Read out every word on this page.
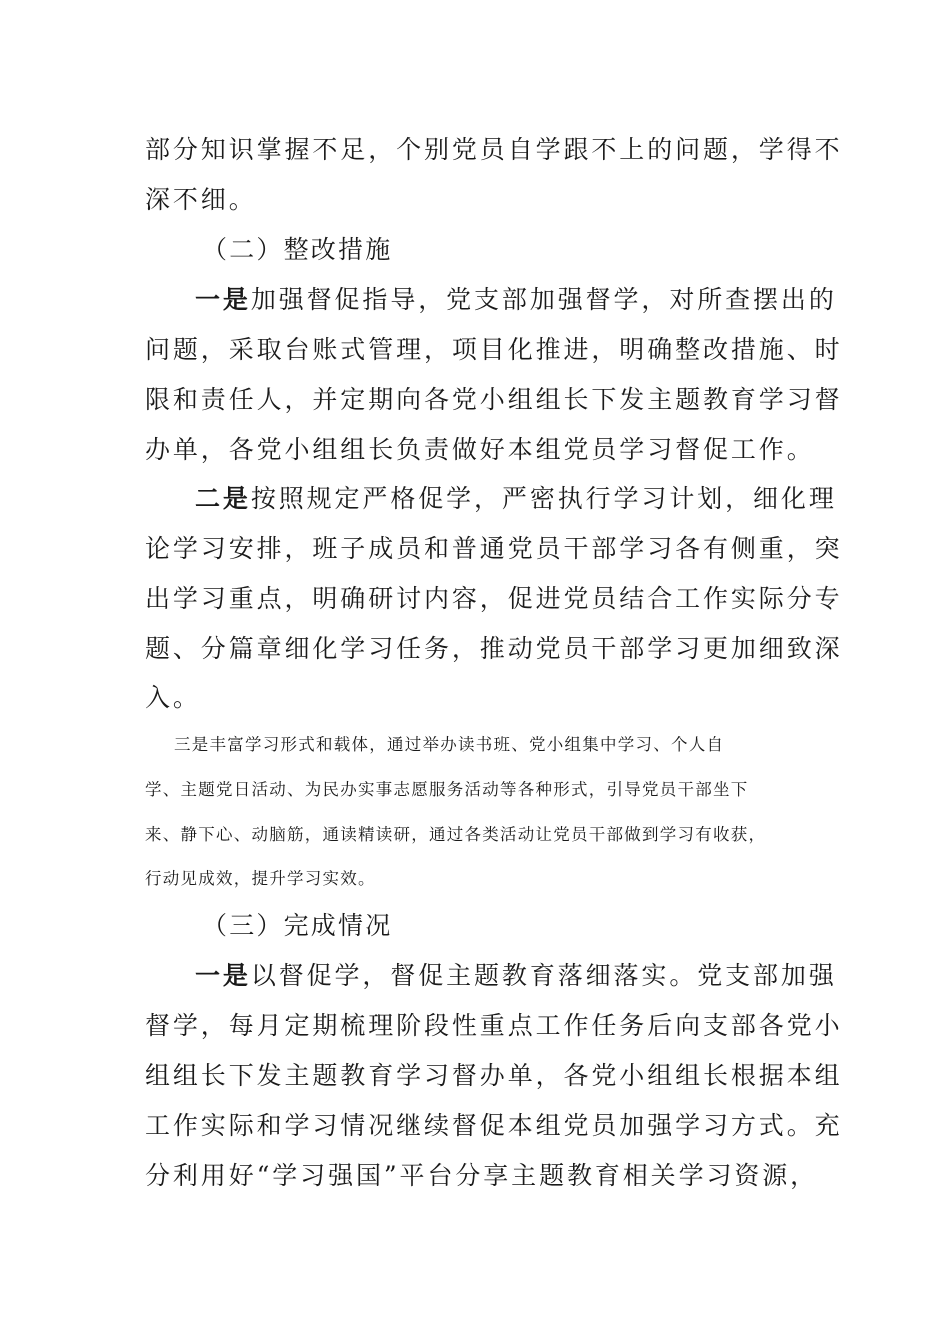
部分知识掌握不足，个别党员自学跟不上的问题，学得不
深不细。
（二）整改措施
一是加强督促指导，党支部加强督学，对所查摆出的
问题，采取台账式管理，项目化推进，明确整改措施、时
限和责任人，并定期向各党小组组长下发主题教育学习督
办单，各党小组组长负责做好本组党员学习督促工作。
二是按照规定严格促学，严密执行学习计划，细化理
论学习安排，班子成员和普通党员干部学习各有侧重，突
出学习重点，明确研讨内容，促进党员结合工作实际分专
题、分篇章细化学习任务，推动党员干部学习更加细致深
入。
三是丰富学习形式和载体，通过举办读书班、党小组集中学习、个人自
学、主题党日活动、为民办实事志愿服务活动等各种形式，引导党员干部坐下
来、静下心、动脑筋，通读精读研，通过各类活动让党员干部做到学习有收获，
行动见成效，提升学习实效。
（三）完成情况
一是以督促学，督促主题教育落细落实。党支部加强
督学，每月定期梳理阶段性重点工作任务后向支部各党小
组组长下发主题教育学习督办单，各党小组组长根据本组
工作实际和学习情况继续督促本组党员加强学习方式。充
分利用好“学习强国”平台分享主题教育相关学习资源，
